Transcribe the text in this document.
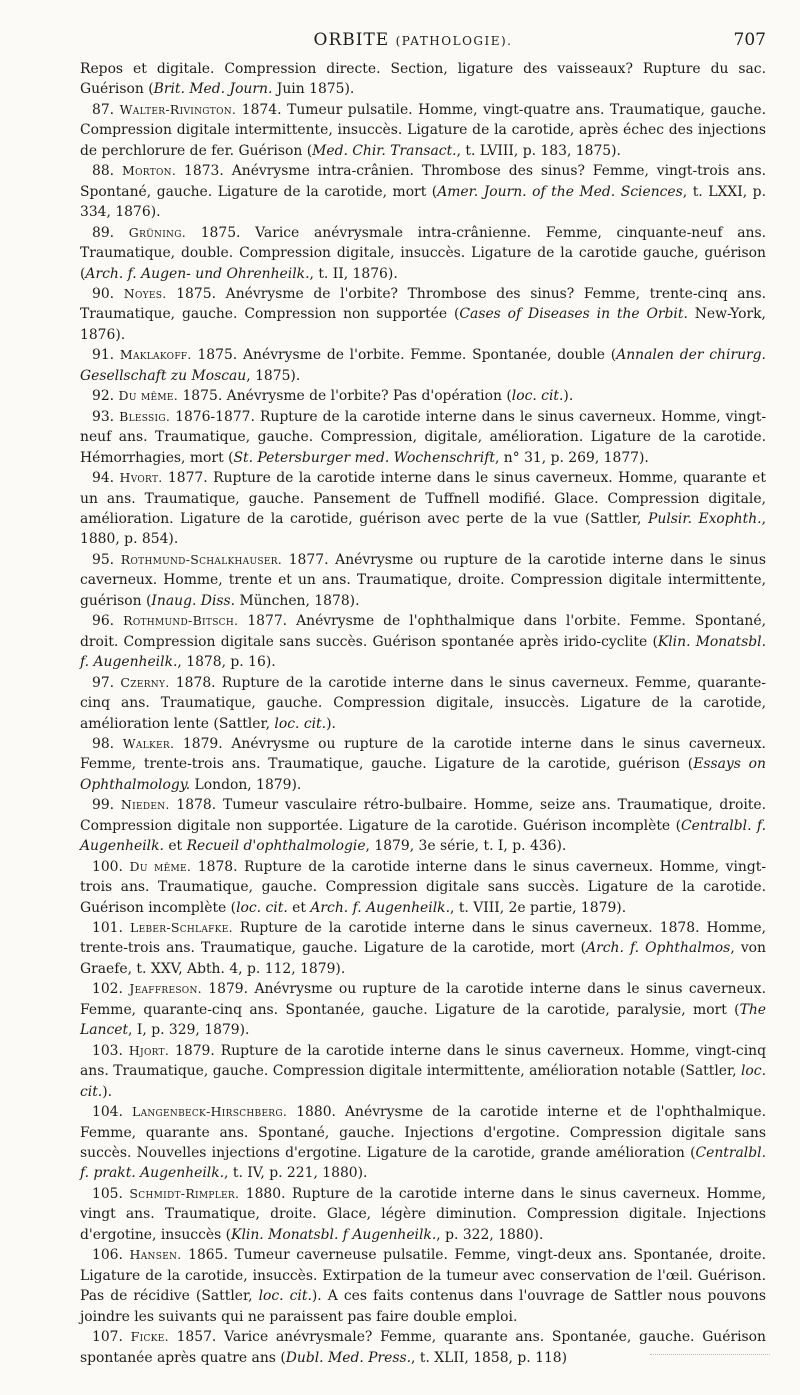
ORBITE (PATHOLOGIE).	707

Repos et digitale. Compression directe. Section, ligature des vaisseaux? Rupture du sac. Guérison (Brit. Med. Journ. Juin 1875).

87. Walter-Rivington. 1874. Tumeur pulsatile. Homme, vingt-quatre ans. Traumatique, gauche. Compression digitale intermittente, insuccès. Ligature de la carotide, après échec des injections de perchlorure de fer. Guérison (Med. Chir. Transact., t. LVIII, p. 183, 1875).

88. Morton. 1873. Anévrysme intra-crânien. Thrombose des sinus? Femme, vingt-trois ans. Spontané, gauche. Ligature de la carotide, mort (Amer. Journ. of the Med. Sciences, t. LXXI, p. 334, 1876).

89. Grüning. 1875. Varice anévrysmale intra-crânienne. Femme, cinquante-neuf ans. Traumatique, double. Compression digitale, insuccès. Ligature de la carotide gauche, guérison (Arch. f. Augen- und Ohrenheilk., t. II, 1876).

90. Noyes. 1875. Anévrysme de l'orbite? Thrombose des sinus? Femme, trente-cinq ans. Traumatique, gauche. Compression non supportée (Cases of Diseases in the Orbit. New-York, 1876).

91. Maklakoff. 1875. Anévrysme de l'orbite. Femme. Spontanée, double (Annalen der chirurg. Gesellschaft zu Moscau, 1875).

92. Du même. 1875. Anévrysme de l'orbite? Pas d'opération (loc. cit.).

93. Blessig. 1876-1877. Rupture de la carotide interne dans le sinus caverneux. Homme, vingt-neuf ans. Traumatique, gauche. Compression, digitale, amélioration. Ligature de la carotide. Hémorrhagies, mort (St. Petersburger med. Wochenschrift, n° 31, p. 269, 1877).

94. Hvort. 1877. Rupture de la carotide interne dans le sinus caverneux. Homme, quarante et un ans. Traumatique, gauche. Pansement de Tuffnell modifié. Glace. Compression digitale, amélioration. Ligature de la carotide, guérison avec perte de la vue (Sattler, Pulsir. Exophth., 1880, p. 854).

95. Rothmund-Schalkhauser. 1877. Anévrysme ou rupture de la carotide interne dans le sinus caverneux. Homme, trente et un ans. Traumatique, droite. Compression digitale intermittente, guérison (Inaug. Diss. München, 1878).

96. Rothmund-Bitsch. 1877. Anévrysme de l'ophthalmique dans l'orbite. Femme. Spontané, droit. Compression digitale sans succès. Guérison spontanée après irido-cyclite (Klin. Monatsbl. f. Augenheilk., 1878, p. 16).

97. Czerny. 1878. Rupture de la carotide interne dans le sinus caverneux. Femme, quarante-cinq ans. Traumatique, gauche. Compression digitale, insuccès. Ligature de la carotide, amélioration lente (Sattler, loc. cit.).

98. Walker. 1879. Anévrysme ou rupture de la carotide interne dans le sinus caverneux. Femme, trente-trois ans. Traumatique, gauche. Ligature de la carotide, guérison (Essays on Ophthalmology. London, 1879).

99. Nieden. 1878. Tumeur vasculaire rétro-bulbaire. Homme, seize ans. Traumatique, droite. Compression digitale non supportée. Ligature de la carotide. Guérison incomplète (Centralbl. f. Augenheilk. et Recueil d'ophthalmologie, 1879, 3e série, t. I, p. 436).

100. Du même. 1878. Rupture de la carotide interne dans le sinus caverneux. Homme, vingt-trois ans. Traumatique, gauche. Compression digitale sans succès. Ligature de la carotide. Guérison incomplète (loc. cit. et Arch. f. Augenheilk., t. VIII, 2e partie, 1879).

101. Leber-Schlafke. Rupture de la carotide interne dans le sinus caverneux. 1878. Homme, trente-trois ans. Traumatique, gauche. Ligature de la carotide, mort (Arch. f. Ophthalmos, von Graefe, t. XXV, Abth. 4, p. 112, 1879).

102. Jeaffreson. 1879. Anévrysme ou rupture de la carotide interne dans le sinus caverneux. Femme, quarante-cinq ans. Spontanée, gauche. Ligature de la carotide, paralysie, mort (The Lancet, I, p. 329, 1879).

103. Hjort. 1879. Rupture de la carotide interne dans le sinus caverneux. Homme, vingt-cinq ans. Traumatique, gauche. Compression digitale intermittente, amélioration notable (Sattler, loc. cit.).

104. Langenbeck-Hirschberg. 1880. Anévrysme de la carotide interne et de l'ophthalmique. Femme, quarante ans. Spontané, gauche. Injections d'ergotine. Compression digitale sans succès. Nouvelles injections d'ergotine. Ligature de la carotide, grande amélioration (Centralbl. f. prakt. Augenheilk., t. IV, p. 221, 1880).

105. Schmidt-Rimpler. 1880. Rupture de la carotide interne dans le sinus caverneux. Homme, vingt ans. Traumatique, droite. Glace, légère diminution. Compression digitale. Injections d'ergotine, insuccès (Klin. Monatsbl. f Augenheilk., p. 322, 1880).

106. Hansen. 1865. Tumeur caverneuse pulsatile. Femme, vingt-deux ans. Spontanée, droite. Ligature de la carotide, insuccès. Extirpation de la tumeur avec conservation de l'œil. Guérison. Pas de récidive (Sattler, loc. cit.). A ces faits contenus dans l'ouvrage de Sattler nous pouvons joindre les suivants qui ne paraissent pas faire double emploi.

107. Ficke. 1857. Varice anévrysmale? Femme, quarante ans. Spontanée, gauche. Guérison spontanée après quatre ans (Dubl. Med. Press., t. XLII, 1858, p. 118)
